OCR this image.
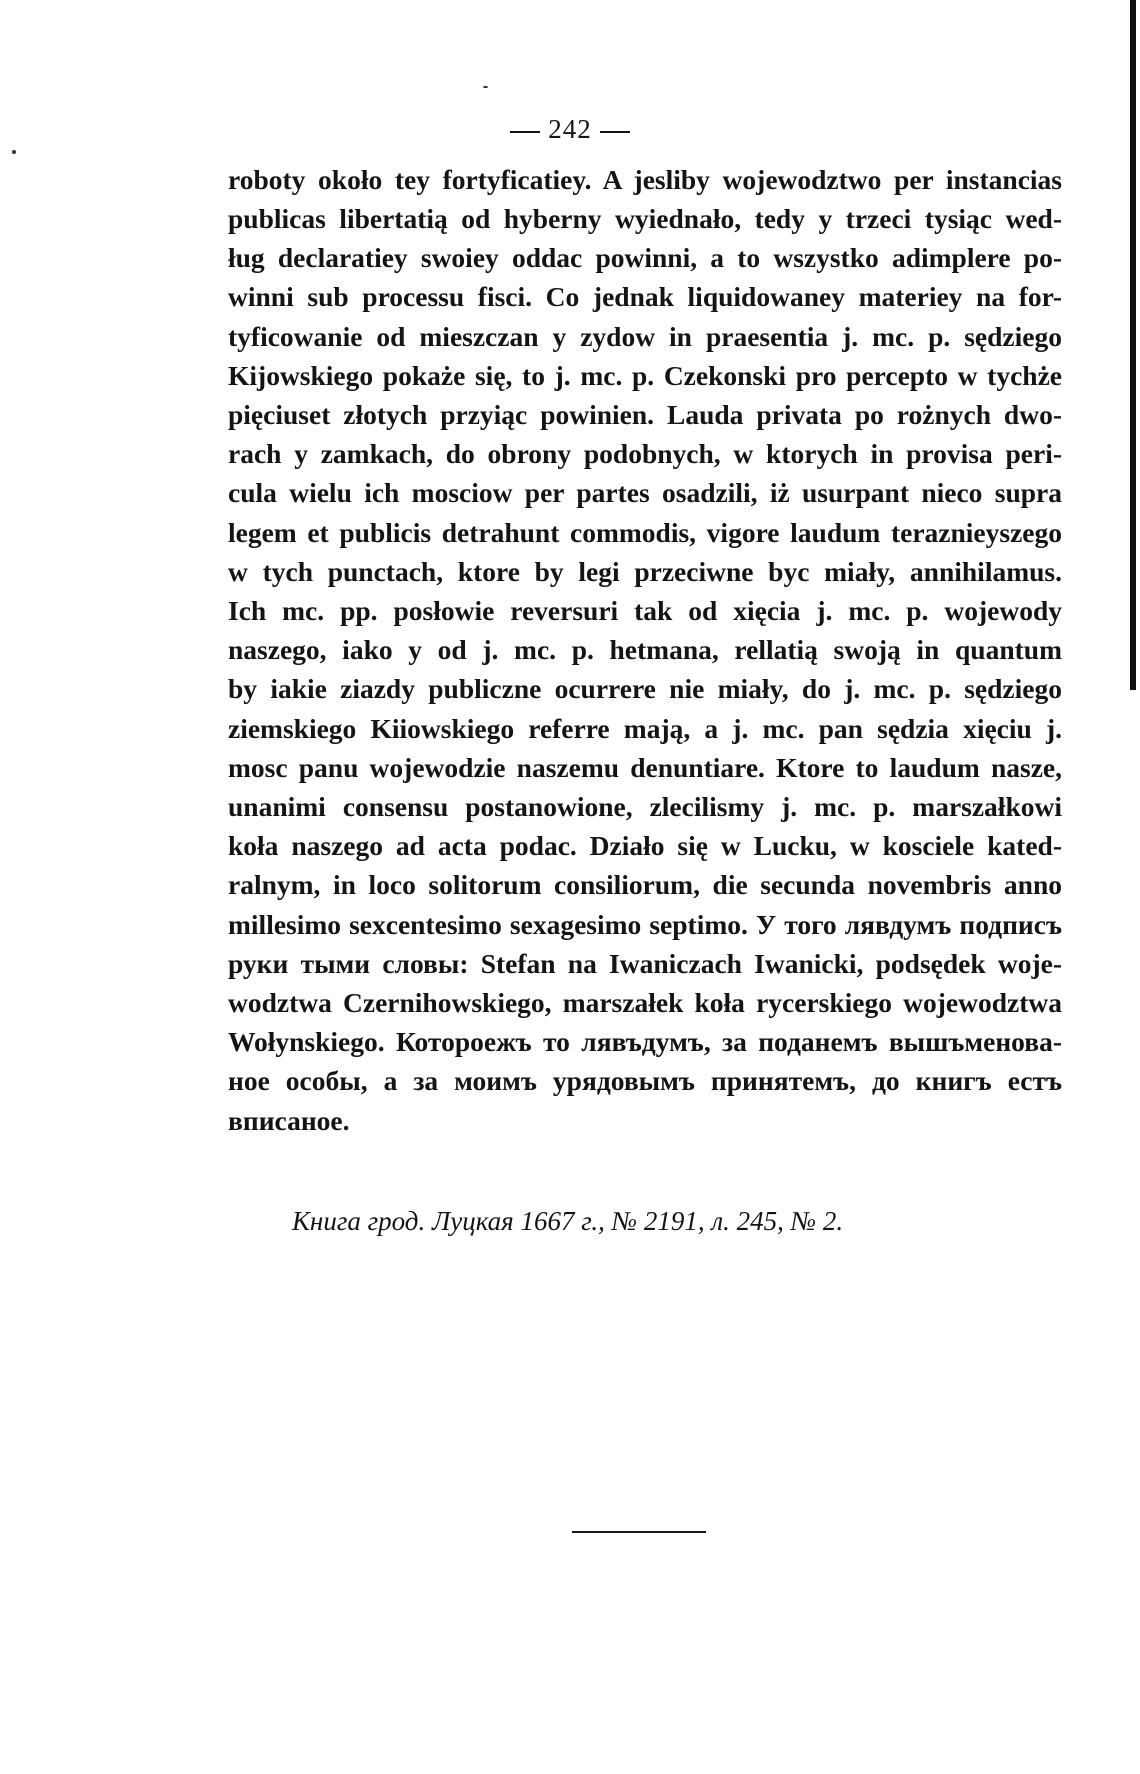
242
roboty około tey fortyficatiey. A jesliby wojewodztwo per instancias
publicas libertatią od hyberny wyiednało, tedy y trzeci tysiąc wed-
ług declaratiey swoiey oddac powinni, a to wszystko adimplere po-
winni sub processu fisci. Co jednak liquidowaney materiey na for-
tyficowanie od mieszczan y zydow in praesentia j. mc. p. sędziego
Kijowskiego pokaże się, to j. mc. p. Czekonski pro percepto w tychże
pięciuset złotych przyiąc powinien. Lauda privata po rożnych dwo-
rach y zamkach, do obrony podobnych, w ktorych in provisa peri-
cula wielu ich mosciow per partes osadzili, iż usurpant nieco supra
legem et publicis detrahunt commodis, vigore laudum teraznieyszego
w tych punctach, ktore by legi przeciwne byc miały, annihilamus.
Ich mc. pp. posłowie reversuri tak od xięcia j. mc. p. wojewody
naszego, iako y od j. mc. p. hetmana, rellatią swoją in quantum
by iakie ziazdy publiczne ocurrere nie miały, do j. mc. p. sędziego
ziemskiego Kiiowskiego referre mają, a j. mc. pan sędzia xięciu j.
mosc panu wojewodzie naszemu denuntiare. Ktore to laudum nasze,
unanimi consensu postanowione, zlecilismy j. mc. p. marszałkowi
koła naszego ad acta podac. Działo się w Lucku, w kosciele kated-
ralnym, in loco solitorum consiliorum, die secunda novembris anno
millesimo sexcentesimo sexagesimo septimo. У того лявдумъ подписъ
руки тыми словы: Stefan na Iwaniczach Iwanicki, podsędek wоje-
wodztwa Czernihowskiego, marszałek koła rycerskiego wojewodztwa
Wołynskiego. Котороежъ то лявъдумъ, за поданемъ вышъменова-
ное особы, а за моимъ урядовымъ принятемъ, до книгъ естъ
вписаное.
Книга гpод. Луцкая 1667 г., № 2191, л. 245, № 2.
